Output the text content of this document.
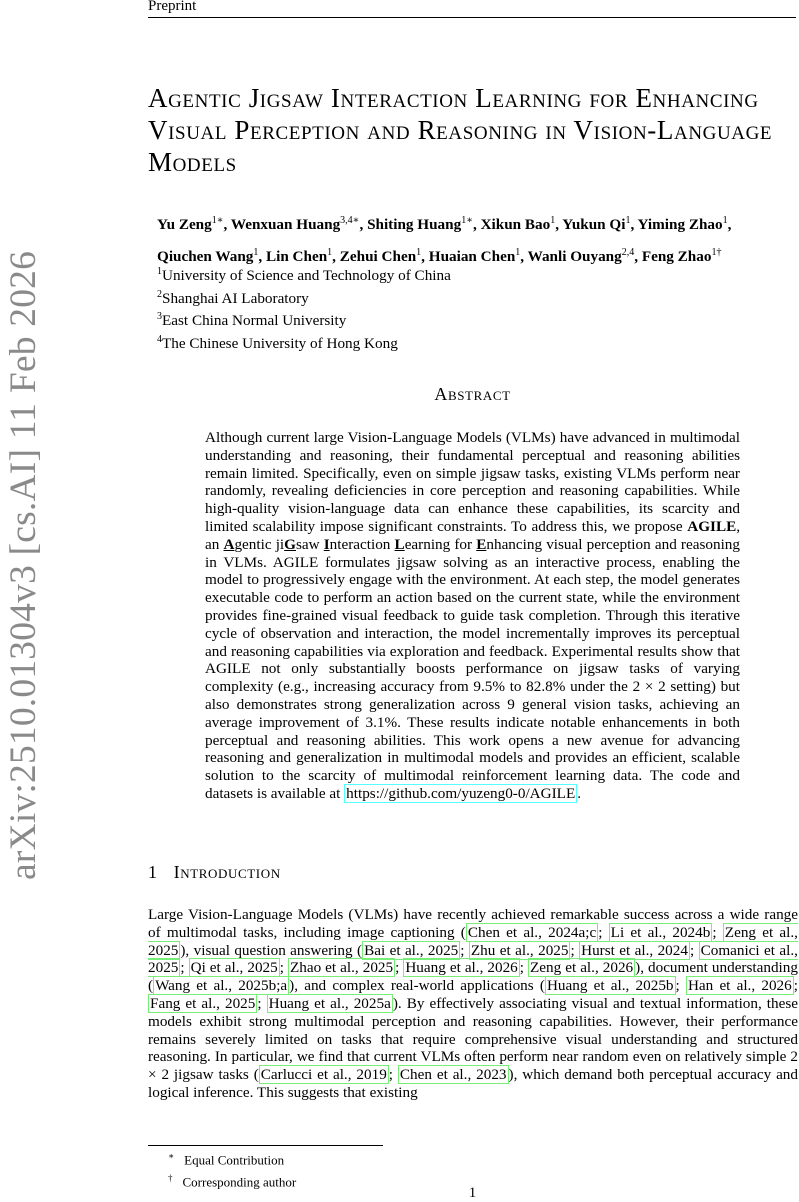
Preprint
arXiv:2510.01304v3 [cs.AI] 11 Feb 2026
Agentic Jigsaw Interaction Learning for Enhancing Visual Perception and Reasoning in Vision-Language Models
Yu Zeng$^{1∗}$, Wenxuan Huang$^{3,4∗}$, Shiting Huang$^{1∗}$, Xikun Bao$^1$, Yukun Qi$^1$, Yiming Zhao$^1$,
Qiuchen Wang$^1$, Lin Chen$^1$, Zehui Chen$^1$, Huaian Chen$^1$, Wanli Ouyang$^{2,4}$, Feng Zhao$^{1\dagger}$
$^1$University of Science and Technology of China
$^2$Shanghai AI Laboratory
$^3$East China Normal University
$^4$The Chinese University of Hong Kong
Abstract
Although current large Vision-Language Models (VLMs) have advanced in multimodal understanding and reasoning, their fundamental perceptual and reasoning abilities remain limited. Specifically, even on simple jigsaw tasks, existing VLMs perform near randomly, revealing deficiencies in core perception and reasoning capabilities. While high-quality vision-language data can enhance these capabilities, its scarcity and limited scalability impose significant constraints. To address this, we propose AGILE, an Agentic jiGsaw Interaction Learning for Enhancing visual perception and reasoning in VLMs. AGILE formulates jigsaw solving as an interactive process, enabling the model to progressively engage with the environment. At each step, the model generates executable code to perform an action based on the current state, while the environment provides fine-grained visual feedback to guide task completion. Through this iterative cycle of observation and interaction, the model incrementally improves its perceptual and reasoning capabilities via exploration and feedback. Experimental results show that AGILE not only substantially boosts performance on jigsaw tasks of varying complexity (e.g., increasing accuracy from 9.5% to 82.8% under the 2 × 2 setting) but also demonstrates strong generalization across 9 general vision tasks, achieving an average improvement of 3.1%. These results indicate notable enhancements in both perceptual and reasoning abilities. This work opens a new avenue for advancing reasoning and generalization in multimodal models and provides an efficient, scalable solution to the scarcity of multimodal reinforcement learning data. The code and datasets is available at https://github.com/yuzeng0-0/AGILE .
1 Introduction
Large Vision-Language Models (VLMs) have recently achieved remarkable success across a wide range of multimodal tasks, including image captioning ( Chen et al., 2024a;c ; Li et al., 2024b ; Zeng et al., 2025 ), visual question answering ( Bai et al., 2025 ; Zhu et al., 2025 ; Hurst et al., 2024 ; Comanici et al., 2025 ; Qi et al., 2025 ; Zhao et al., 2025 ; Huang et al., 2026 ; Zeng et al., 2026 ), document understanding ( Wang et al., 2025b;a ), and complex real-world applications ( Huang et al., 2025b ; Han et al., 2026 ; Fang et al., 2025 ; Huang et al., 2025a ). By effectively associating visual and textual information, these models exhibit strong multimodal perception and reasoning capabilities. However, their performance remains severely limited on tasks that require comprehensive visual understanding and structured reasoning. In particular, we find that current VLMs often perform near random even on relatively simple 2 × 2 jigsaw tasks ( Carlucci et al., 2019 ; Chen et al., 2023 ), which demand both perceptual accuracy and logical inference. This suggests that existing
∗ Equal Contribution
† Corresponding author
1
